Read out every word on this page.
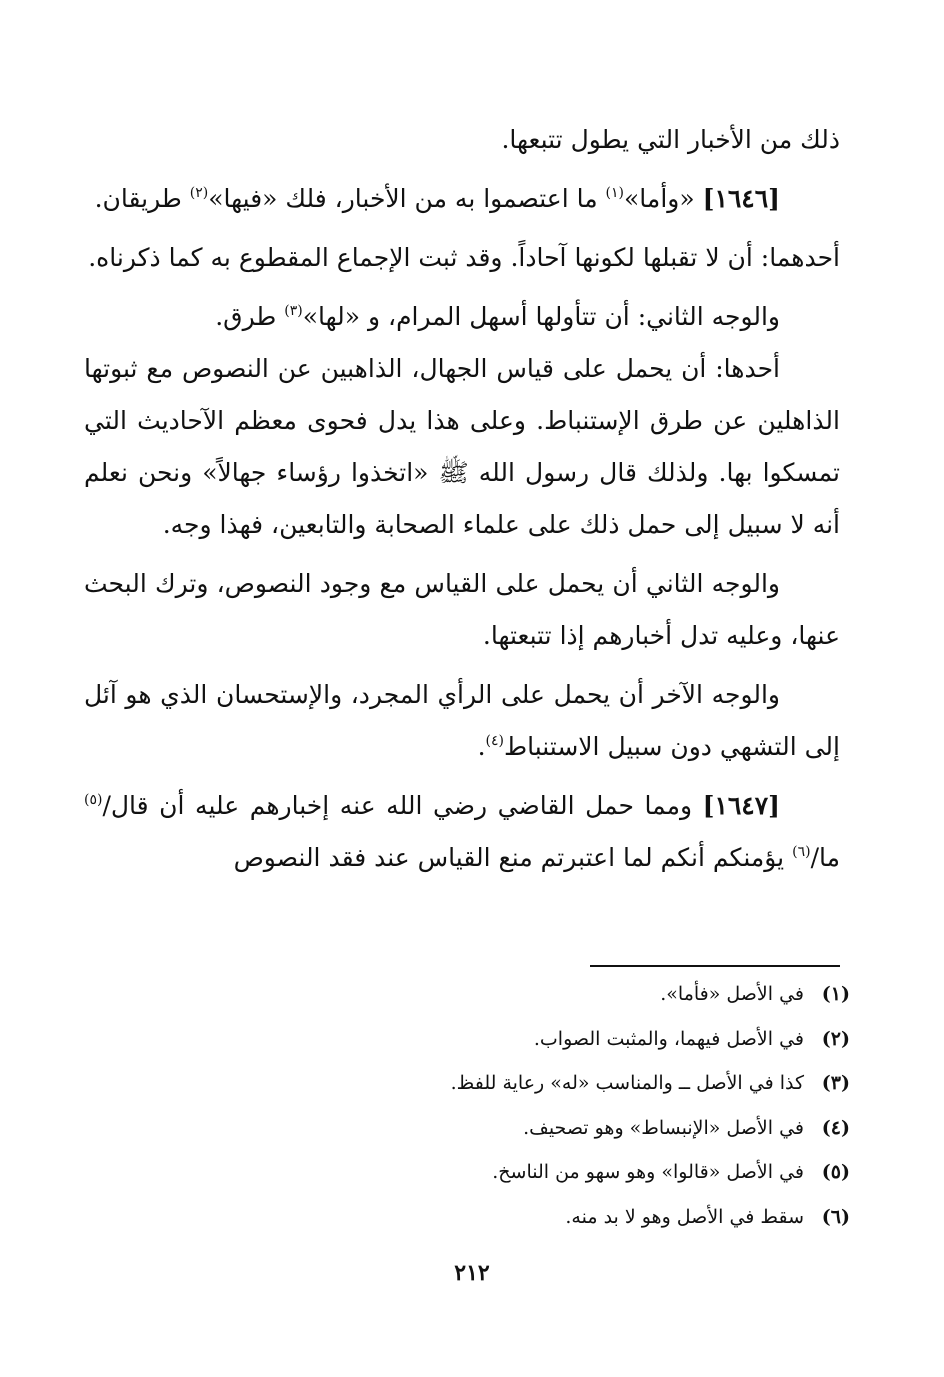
ذلك من الأخبار التي يطول تتبعها.

[١٦٤٦] «وأما»$^{(١)}$ ما اعتصموا به من الأخبار، فلك «فيها»$^{(٢)}$ طريقان.

أحدهما: أن لا تقبلها لكونها آحاداً. وقد ثبت الإجماع المقطوع به كما ذكرناه.

والوجه الثاني: أن تتأولها أسهل المرام، و «لها»$^{(٣)}$ طرق.

أحدها: أن يحمل على قياس الجهال، الذاهبين عن النصوص مع ثبوتها الذاهلين عن طرق الإستنباط. وعلى هذا يدل فحوى معظم الآحاديث التي تمسكوا بها. ولذلك قال رسول الله ﷺ «اتخذوا رؤساء جهالاً» ونحن نعلم أنه لا سبيل إلى حمل ذلك على علماء الصحابة والتابعين، فهذا وجه.

والوجه الثاني أن يحمل على القياس مع وجود النصوص، وترك البحث عنها، وعليه تدل أخبارهم إذا تتبعتها.

والوجه الآخر أن يحمل على الرأي المجرد، والإستحسان الذي هو آئل إلى التشهي دون سبيل الاستنباط$^{(٤)}$.

[١٦٤٧] ومما حمل القاضي رضي الله عنه إخبارهم عليه أن قال/$^{(٥)}$ ما/$^{(٦)}$ يؤمنكم أنكم لما اعتبرتم منع القياس عند فقد النصوص

(١)في الأصل «فأما».
(٢)في الأصل فيهما، والمثبت الصواب.
(٣)كذا في الأصل ــ والمناسب «له» رعاية للفظ.
(٤)في الأصل «الإنبساط» وهو تصحيف.
(٥)في الأصل «قالوا» وهو سهو من الناسخ.
(٦)سقط في الأصل وهو لا بد منه.
٢١٢
